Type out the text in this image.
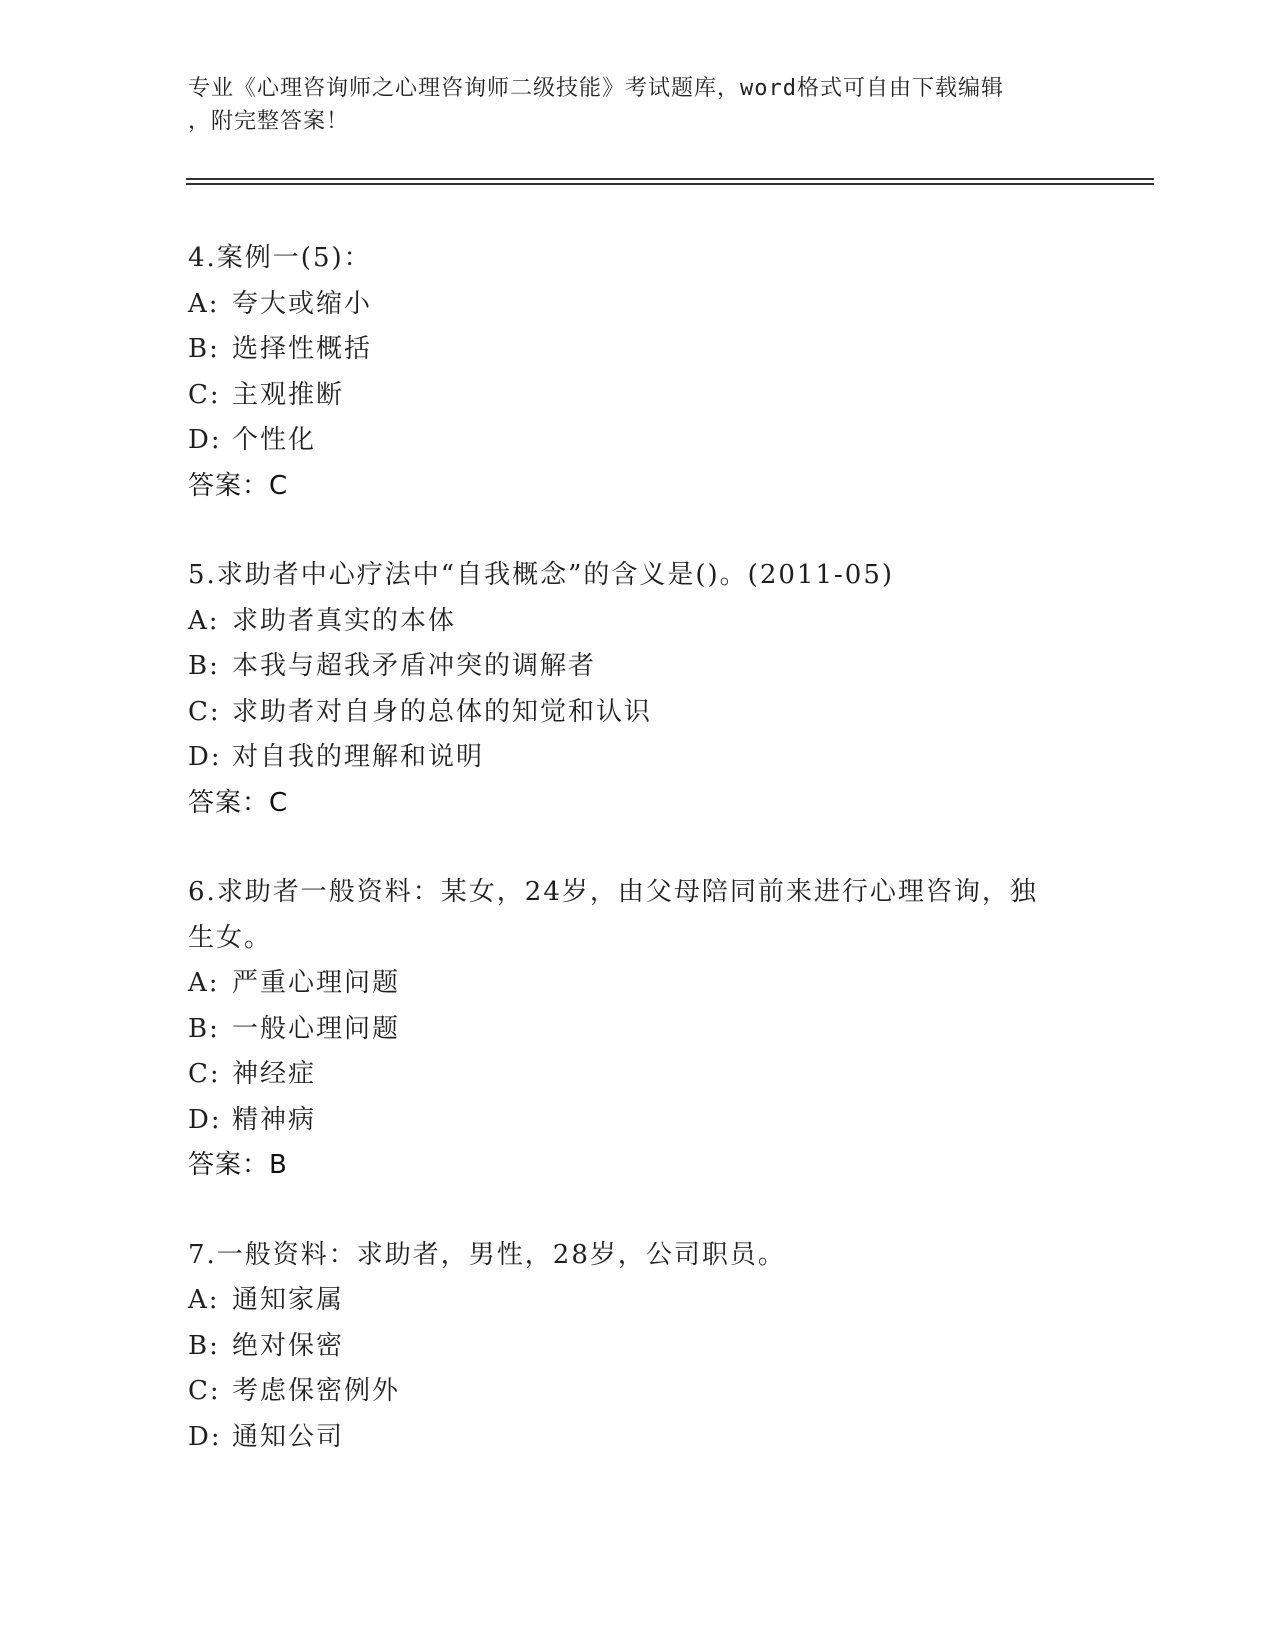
专业《心理咨询师之心理咨询师二级技能》考试题库，word格式可自由下载编辑
，附完整答案！
4.案例一(5)：
A: 夸大或缩小
B: 选择性概括
C: 主观推断
D: 个性化
答案：C
5.求助者中心疗法中“自我概念”的含义是()。(2011-05)
A: 求助者真实的本体
B: 本我与超我矛盾冲突的调解者
C: 求助者对自身的总体的知觉和认识
D: 对自我的理解和说明
答案：C
6.求助者一般资料：某女，24岁，由父母陪同前来进行心理咨询，独
生女。
A: 严重心理问题
B: 一般心理问题
C: 神经症
D: 精神病
答案：B
7.一般资料：求助者，男性，28岁，公司职员。
A: 通知家属
B: 绝对保密
C: 考虑保密例外
D: 通知公司
